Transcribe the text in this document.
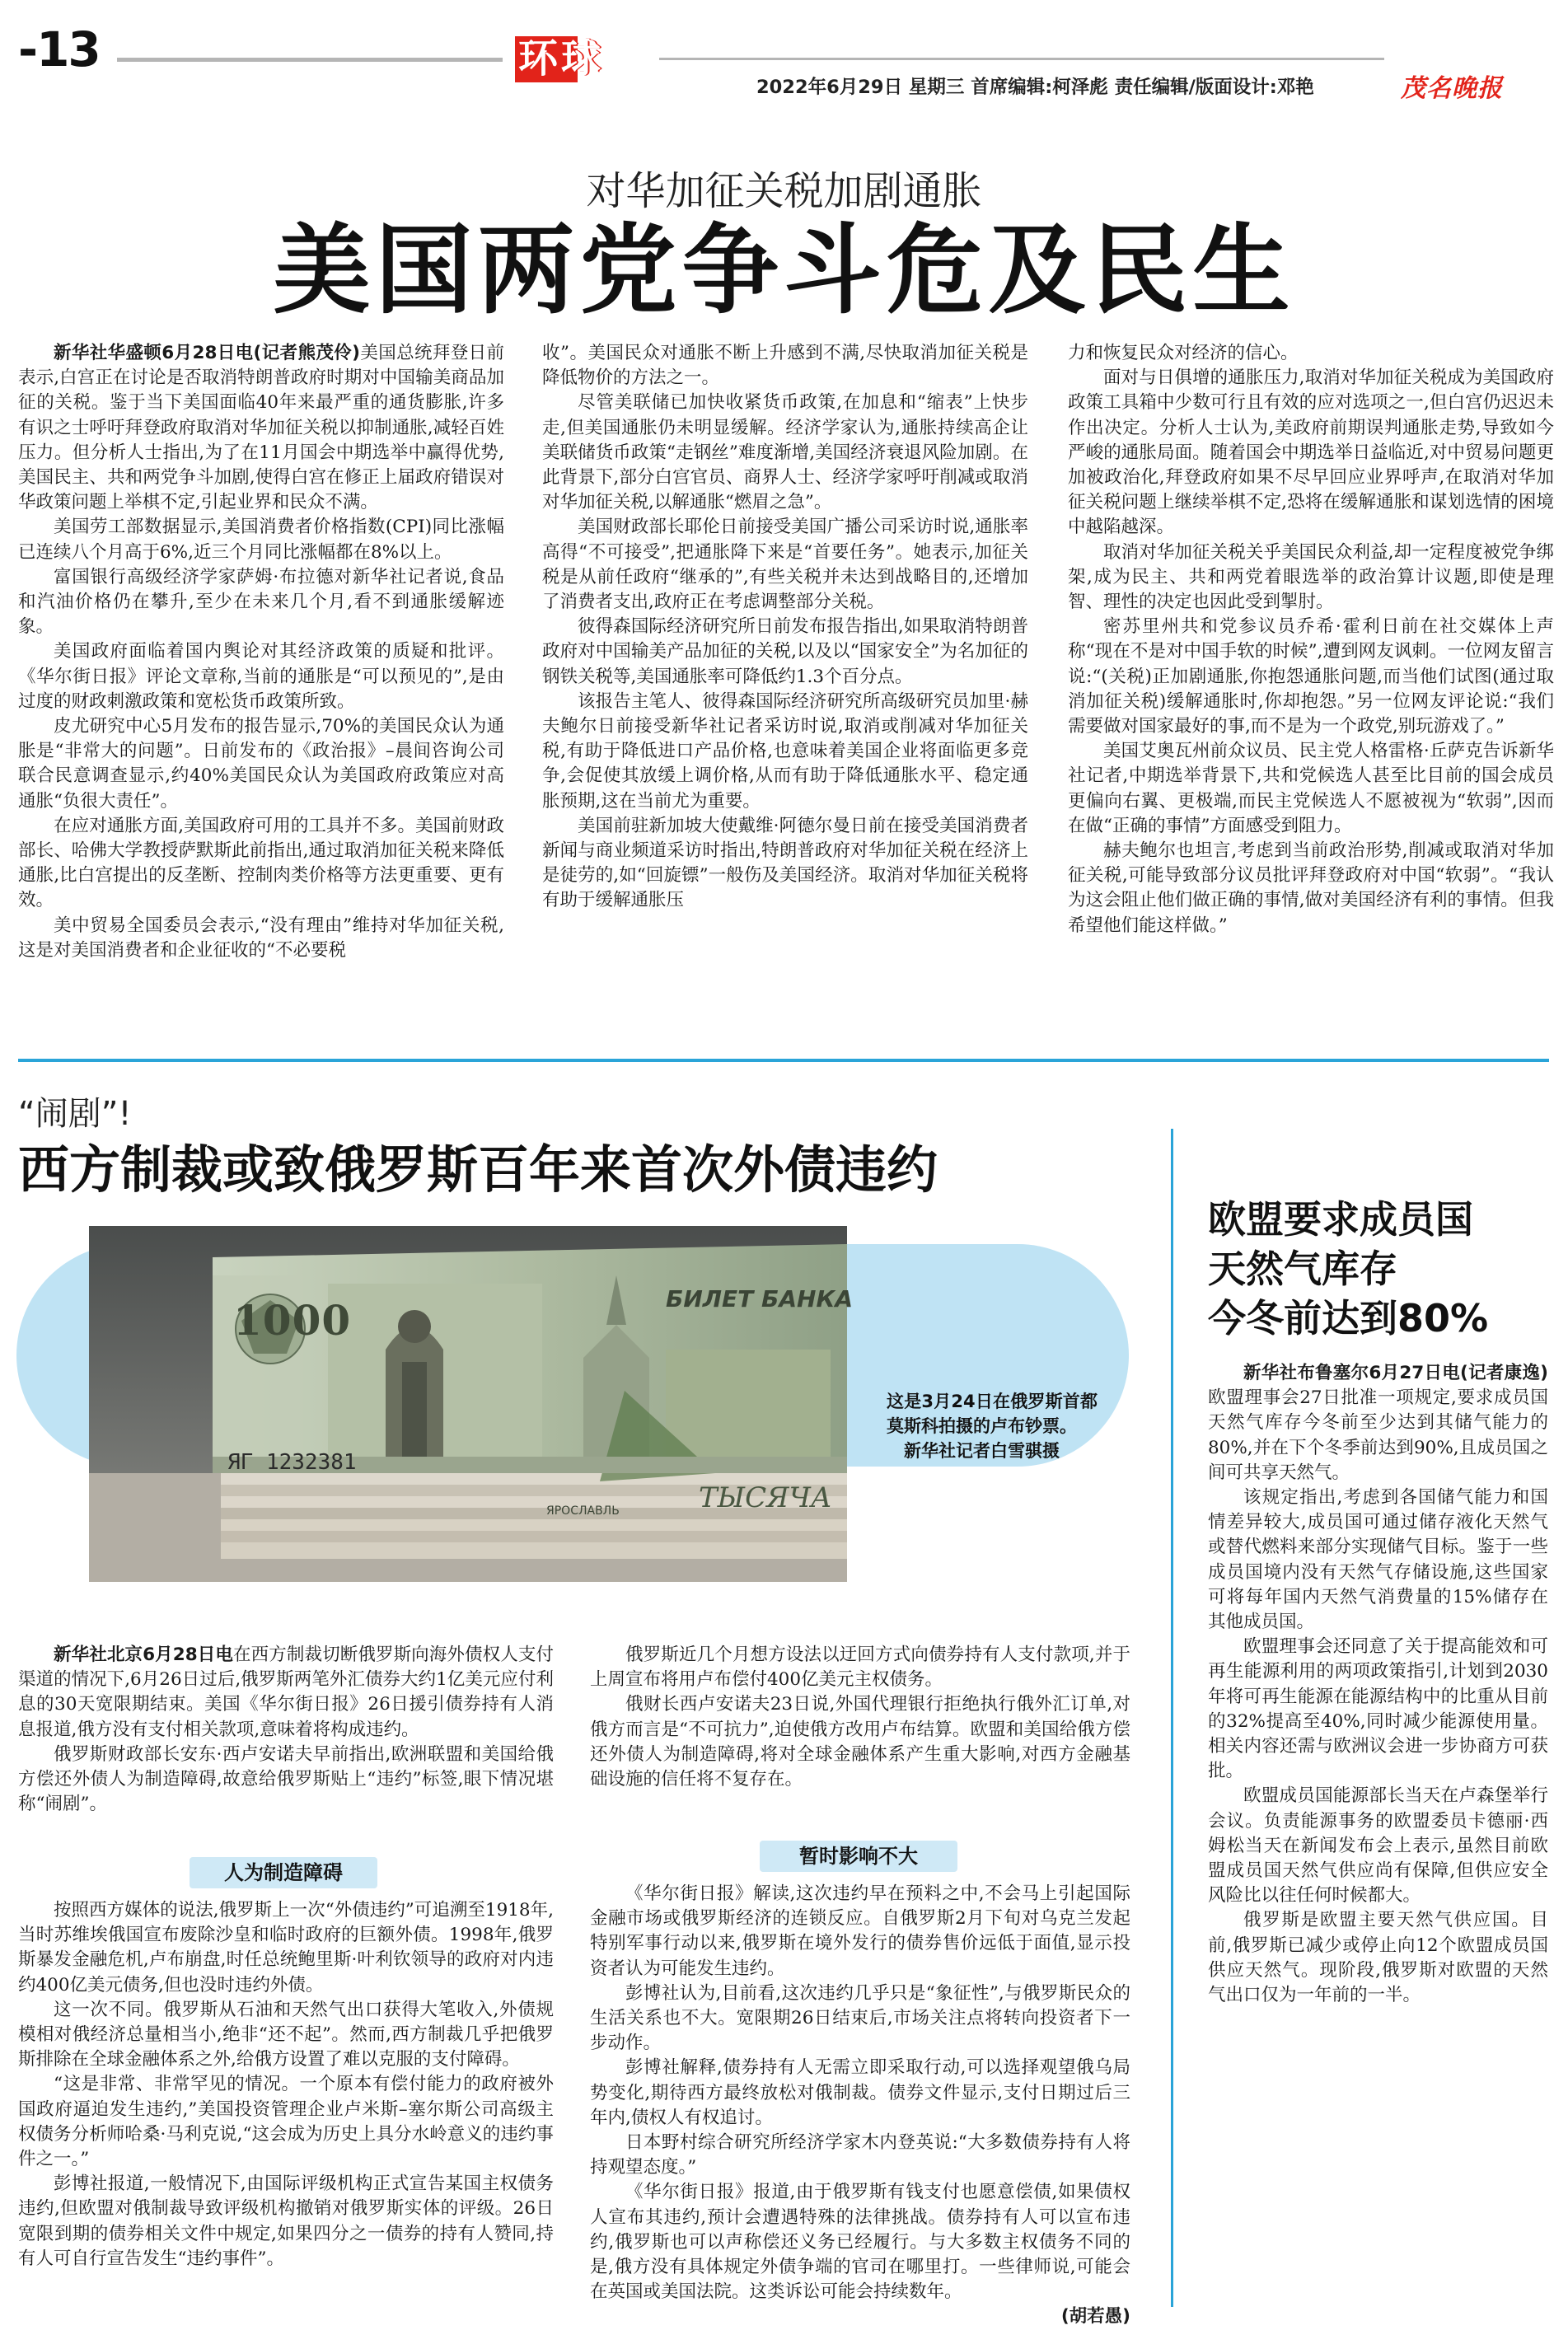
-13	环球
2022年6月29日 星期三 首席编辑:柯泽彪 责任编辑/版面设计:邓艳	茂名晚报
对华加征关税加剧通胀
美国两党争斗危及民生

新华社华盛顿6月28日电(记者熊茂伶)美国总统拜登日前表示,白宫正在讨论是否取消特朗普政府时期对中国输美商品加征的关税。鉴于当下美国面临40年来最严重的通货膨胀,许多有识之士呼吁拜登政府取消对华加征关税以抑制通胀,减轻百姓压力。但分析人士指出,为了在11月国会中期选举中赢得优势,美国民主、共和两党争斗加剧,使得白宫在修正上届政府错误对华政策问题上举棋不定,引起业界和民众不满。

美国劳工部数据显示,美国消费者价格指数(CPI)同比涨幅已连续八个月高于6%,近三个月同比涨幅都在8%以上。

富国银行高级经济学家萨姆·布拉德对新华社记者说,食品和汽油价格仍在攀升,至少在未来几个月,看不到通胀缓解迹象。

美国政府面临着国内舆论对其经济政策的质疑和批评。《华尔街日报》评论文章称,当前的通胀是“可以预见的”,是由过度的财政刺激政策和宽松货币政策所致。

皮尤研究中心5月发布的报告显示,70%的美国民众认为通胀是“非常大的问题”。日前发布的《政治报》–晨间咨询公司联合民意调查显示,约40%美国民众认为美国政府政策应对高通胀“负很大责任”。

在应对通胀方面,美国政府可用的工具并不多。美国前财政部长、哈佛大学教授萨默斯此前指出,通过取消加征关税来降低通胀,比白宫提出的反垄断、控制肉类价格等方法更重要、更有效。

美中贸易全国委员会表示,“没有理由”维持对华加征关税,这是对美国消费者和企业征收的“不必要税

收”。美国民众对通胀不断上升感到不满,尽快取消加征关税是降低物价的方法之一。

尽管美联储已加快收紧货币政策,在加息和“缩表”上快步走,但美国通胀仍未明显缓解。经济学家认为,通胀持续高企让美联储货币政策“走钢丝”难度渐增,美国经济衰退风险加剧。在此背景下,部分白宫官员、商界人士、经济学家呼吁削减或取消对华加征关税,以解通胀“燃眉之急”。

美国财政部长耶伦日前接受美国广播公司采访时说,通胀率高得“不可接受”,把通胀降下来是“首要任务”。她表示,加征关税是从前任政府“继承的”,有些关税并未达到战略目的,还增加了消费者支出,政府正在考虑调整部分关税。

彼得森国际经济研究所日前发布报告指出,如果取消特朗普政府对中国输美产品加征的关税,以及以“国家安全”为名加征的钢铁关税等,美国通胀率可降低约1.3个百分点。

该报告主笔人、彼得森国际经济研究所高级研究员加里·赫夫鲍尔日前接受新华社记者采访时说,取消或削减对华加征关税,有助于降低进口产品价格,也意味着美国企业将面临更多竞争,会促使其放缓上调价格,从而有助于降低通胀水平、稳定通胀预期,这在当前尤为重要。

美国前驻新加坡大使戴维·阿德尔曼日前在接受美国消费者新闻与商业频道采访时指出,特朗普政府对华加征关税在经济上是徒劳的,如“回旋镖”一般伤及美国经济。取消对华加征关税将有助于缓解通胀压

力和恢复民众对经济的信心。

面对与日俱增的通胀压力,取消对华加征关税成为美国政府政策工具箱中少数可行且有效的应对选项之一,但白宫仍迟迟未作出决定。分析人士认为,美政府前期误判通胀走势,导致如今严峻的通胀局面。随着国会中期选举日益临近,对中贸易问题更加被政治化,拜登政府如果不尽早回应业界呼声,在取消对华加征关税问题上继续举棋不定,恐将在缓解通胀和谋划选情的困境中越陷越深。

取消对华加征关税关乎美国民众利益,却一定程度被党争绑架,成为民主、共和两党着眼选举的政治算计议题,即使是理智、理性的决定也因此受到掣肘。

密苏里州共和党参议员乔希·霍利日前在社交媒体上声称“现在不是对中国手软的时候”,遭到网友讽刺。一位网友留言说:“(关税)正加剧通胀,你抱怨通胀问题,而当他们试图(通过取消加征关税)缓解通胀时,你却抱怨。”另一位网友评论说:“我们需要做对国家最好的事,而不是为一个政党,别玩游戏了。”

美国艾奥瓦州前众议员、民主党人格雷格·丘萨克告诉新华社记者,中期选举背景下,共和党候选人甚至比目前的国会成员更偏向右翼、更极端,而民主党候选人不愿被视为“软弱”,因而在做“正确的事情”方面感受到阻力。

赫夫鲍尔也坦言,考虑到当前政治形势,削减或取消对华加征关税,可能导致部分议员批评拜登政府对中国“软弱”。“我认为这会阻止他们做正确的事情,做对美国经济有利的事情。但我希望他们能这样做。”

“闹剧”!
西方制裁或致俄罗斯百年来首次外债违约
1000	БИЛЕТ БАНКА
ЯГ 1232381
ЯРОСЛАВЛЬ	ТЫСЯЧА
这是3月24日在俄罗斯首都莫斯科拍摄的卢布钞票。
新华社记者白雪骐摄

新华社北京6月28日电在西方制裁切断俄罗斯向海外债权人支付渠道的情况下,6月26日过后,俄罗斯两笔外汇债券大约1亿美元应付利息的30天宽限期结束。美国《华尔街日报》26日援引债券持有人消息报道,俄方没有支付相关款项,意味着将构成违约。

俄罗斯财政部长安东·西卢安诺夫早前指出,欧洲联盟和美国给俄方偿还外债人为制造障碍,故意给俄罗斯贴上“违约”标签,眼下情况堪称“闹剧”。

人为制造障碍

按照西方媒体的说法,俄罗斯上一次“外债违约”可追溯至1918年,当时苏维埃俄国宣布废除沙皇和临时政府的巨额外债。1998年,俄罗斯暴发金融危机,卢布崩盘,时任总统鲍里斯·叶利钦领导的政府对内违约400亿美元债务,但也没时违约外债。

这一次不同。俄罗斯从石油和天然气出口获得大笔收入,外债规模相对俄经济总量相当小,绝非“还不起”。然而,西方制裁几乎把俄罗斯排除在全球金融体系之外,给俄方设置了难以克服的支付障碍。

“这是非常、非常罕见的情况。一个原本有偿付能力的政府被外国政府逼迫发生违约,”美国投资管理企业卢米斯–塞尔斯公司高级主权债务分析师哈桑·马利克说,“这会成为历史上具分水岭意义的违约事件之一。”

彭博社报道,一般情况下,由国际评级机构正式宣告某国主权债务违约,但欧盟对俄制裁导致评级机构撤销对俄罗斯实体的评级。26日宽限到期的债券相关文件中规定,如果四分之一债券的持有人赞同,持有人可自行宣告发生“违约事件”。

俄罗斯近几个月想方设法以迂回方式向债券持有人支付款项,并于上周宣布将用卢布偿付400亿美元主权债务。

俄财长西卢安诺夫23日说,外国代理银行拒绝执行俄外汇订单,对俄方而言是“不可抗力”,迫使俄方改用卢布结算。欧盟和美国给俄方偿还外债人为制造障碍,将对全球金融体系产生重大影响,对西方金融基础设施的信任将不复存在。

暂时影响不大

《华尔街日报》解读,这次违约早在预料之中,不会马上引起国际金融市场或俄罗斯经济的连锁反应。自俄罗斯2月下旬对乌克兰发起特别军事行动以来,俄罗斯在境外发行的债券售价远低于面值,显示投资者认为可能发生违约。

彭博社认为,目前看,这次违约几乎只是“象征性”,与俄罗斯民众的生活关系也不大。宽限期26日结束后,市场关注点将转向投资者下一步动作。

彭博社解释,债券持有人无需立即采取行动,可以选择观望俄乌局势变化,期待西方最终放松对俄制裁。债券文件显示,支付日期过后三年内,债权人有权追讨。

日本野村综合研究所经济学家木内登英说:“大多数债券持有人将持观望态度。”

《华尔街日报》报道,由于俄罗斯有钱支付也愿意偿债,如果债权人宣布其违约,预计会遭遇特殊的法律挑战。债券持有人可以宣布违约,俄罗斯也可以声称偿还义务已经履行。与大多数主权债务不同的是,俄方没有具体规定外债争端的官司在哪里打。一些律师说,可能会在英国或美国法院。这类诉讼可能会持续数年。

(胡若愚)
欧盟要求成员国
天然气库存
今冬前达到80%

新华社布鲁塞尔6月27日电(记者康逸)欧盟理事会27日批准一项规定,要求成员国天然气库存今冬前至少达到其储气能力的80%,并在下个冬季前达到90%,且成员国之间可共享天然气。

该规定指出,考虑到各国储气能力和国情差异较大,成员国可通过储存液化天然气或替代燃料来部分实现储气目标。鉴于一些成员国境内没有天然气存储设施,这些国家可将每年国内天然气消费量的15%储存在其他成员国。

欧盟理事会还同意了关于提高能效和可再生能源利用的两项政策指引,计划到2030年将可再生能源在能源结构中的比重从目前的32%提高至40%,同时减少能源使用量。相关内容还需与欧洲议会进一步协商方可获批。

欧盟成员国能源部长当天在卢森堡举行会议。负责能源事务的欧盟委员卡德丽·西姆松当天在新闻发布会上表示,虽然目前欧盟成员国天然气供应尚有保障,但供应安全风险比以往任何时候都大。

俄罗斯是欧盟主要天然气供应国。目前,俄罗斯已减少或停止向12个欧盟成员国供应天然气。现阶段,俄罗斯对欧盟的天然气出口仅为一年前的一半。
